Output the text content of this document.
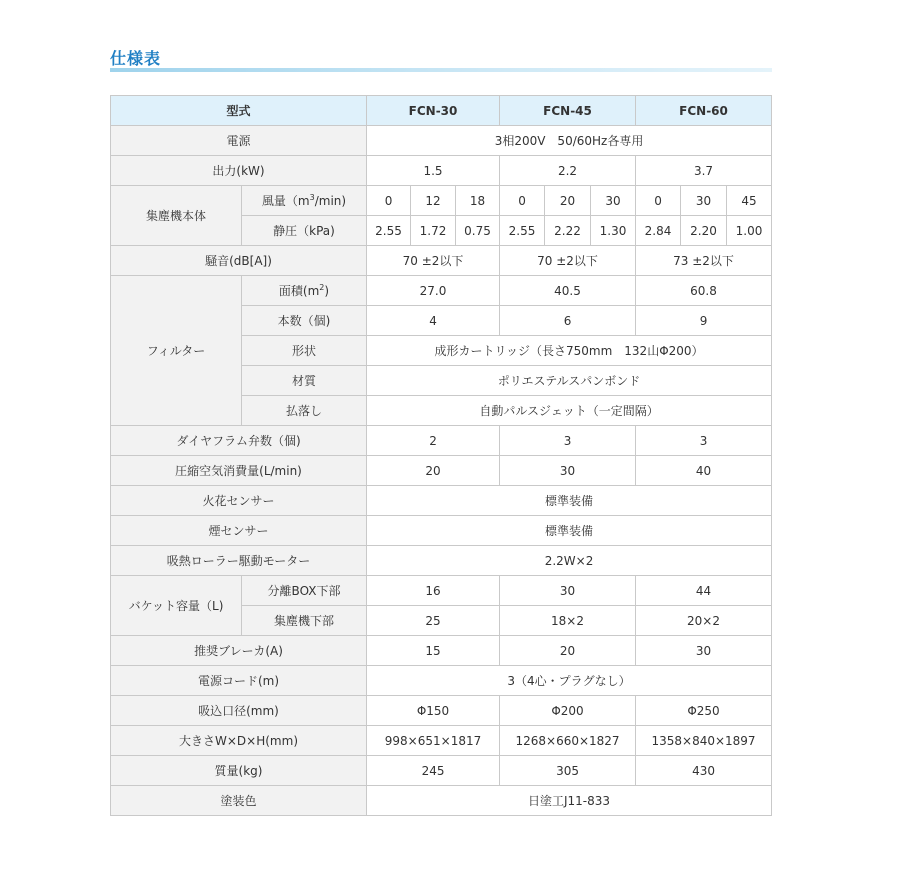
仕様表
型式		FCN-30			FCN-45			FCN-60		
電源		3相200V　50/60Hz各専用								
出力(kW)		1.5			2.2			3.7		
集塵機本体	風量$(m^3/\min)$	0	12	18	0	20	30	0	30	45
	静圧（kPa)	2.55	1.72	0.75	2.55	2.22	1.30	2.84	2.20	1.00
騒音(dB[A])		70 ±2以下			70 ±2以下			73 ±2以下		
フィルター	面積$(m^2)$	27.0			40.5			60.8		
	本数（個)	4			6			9		
	形状	成形カートリッジ（長さ750mm　132山Φ200）								
	材質	ポリエステルスパンボンド								
	払落し	自動パルスジェット（一定間隔）								
ダイヤフラム弁数（個)		2			3			3		
圧縮空気消費量(L/min)		20			30			40		
火花センサー		標準装備								
煙センサー		標準装備								
吸熱ローラー駆動モーター		2.2W×2								
バケット容量（L)	分離BOX下部	16			30			44		
	集塵機下部	25			18×2			20×2		
推奨ブレーカ(A)		15			20			30		
電源コード(m)		3（4心・プラグなし）								
吸込口径(mm)		Φ150			Φ200			Φ250		
大きさW×D×H(mm)		998×651×1817			1268×660×1827			1358×840×1897		
質量(kg)		245			305			430		
塗装色		日塗工J11-833								
